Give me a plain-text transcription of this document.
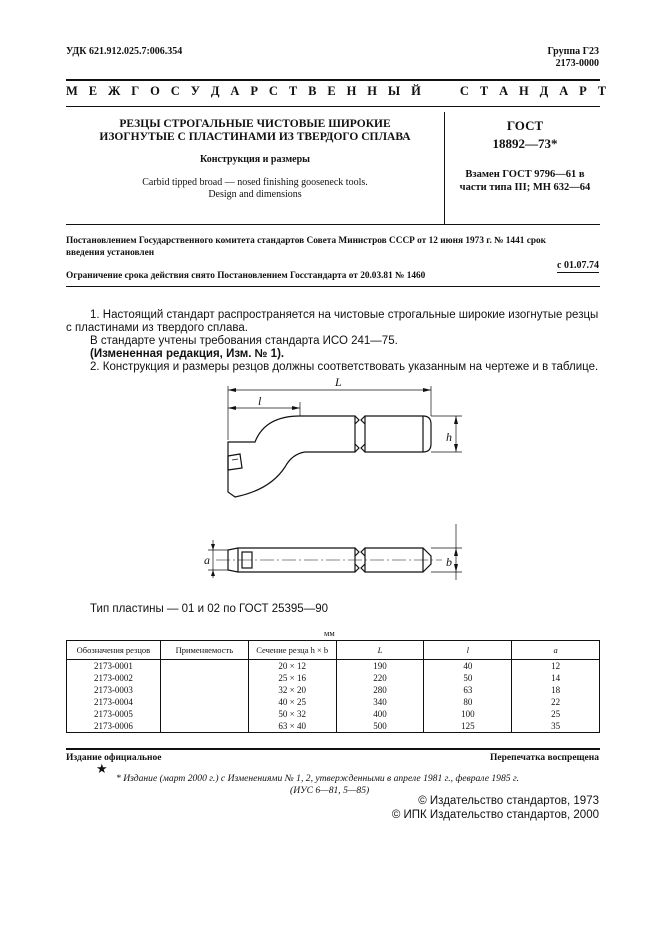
УДК 621.912.025.7:006.354	Группа Г23
2173-0000
М Е Ж Г О С У Д А Р С Т В Е Н Н Ы Й     С Т А Н Д А Р Т
РЕЗЦЫ СТРОГАЛЬНЫЕ ЧИСТОВЫЕ ШИРОКИЕ
ИЗОГНУТЫЕ С ПЛАСТИНАМИ ИЗ ТВЕРДОГО СПЛАВА
Конструкция и размеры
Carbid tipped broad — nosed finishing gooseneck tools.
Design and dimensions
ГОСТ
18892—73*
Взамен ГОСТ 9796—61 в
части типа III; МН 632—64
Постановлением Государственного комитета стандартов Совета Министров СССР от 12 июня 1973 г. № 1441 срок
введения установлен
с 01.07.74
Ограничение срока действия снято Постановлением Госстандарта от 20.03.81 № 1460
1. Настоящий стандарт распространяется на чистовые строгальные широкие изогнутые резцы
с пластинами из твердого сплава.
В стандарте учтены требования стандарта ИСО 241—75.
(Измененная редакция, Изм. № 1).
2. Конструкция и размеры резцов должны соответствовать указанным на чертеже и в таблице.
L
l
h
a	b
Тип пластины — 01 и 02 по ГОСТ 25395—90
мм
Обозначения резцов	Применяемость	Сечение резца h × b	L	l	a
2173-0001		20 × 12	190	40	12
2173-0002		25 × 16	220	50	14
2173-0003		32 × 20	280	63	18
2173-0004		40 × 25	340	80	22
2173-0005		50 × 32	400	100	25
2173-0006		63 × 40	500	125	35
Издание официальное	Перепечатка воспрещена
★
* Издание (март 2000 г.) с Изменениями № 1, 2, утвержденными в апреле 1981 г., феврале 1985 г.
(ИУС 6—81, 5—85)
© Издательство стандартов, 1973
© ИПК Издательство стандартов, 2000
